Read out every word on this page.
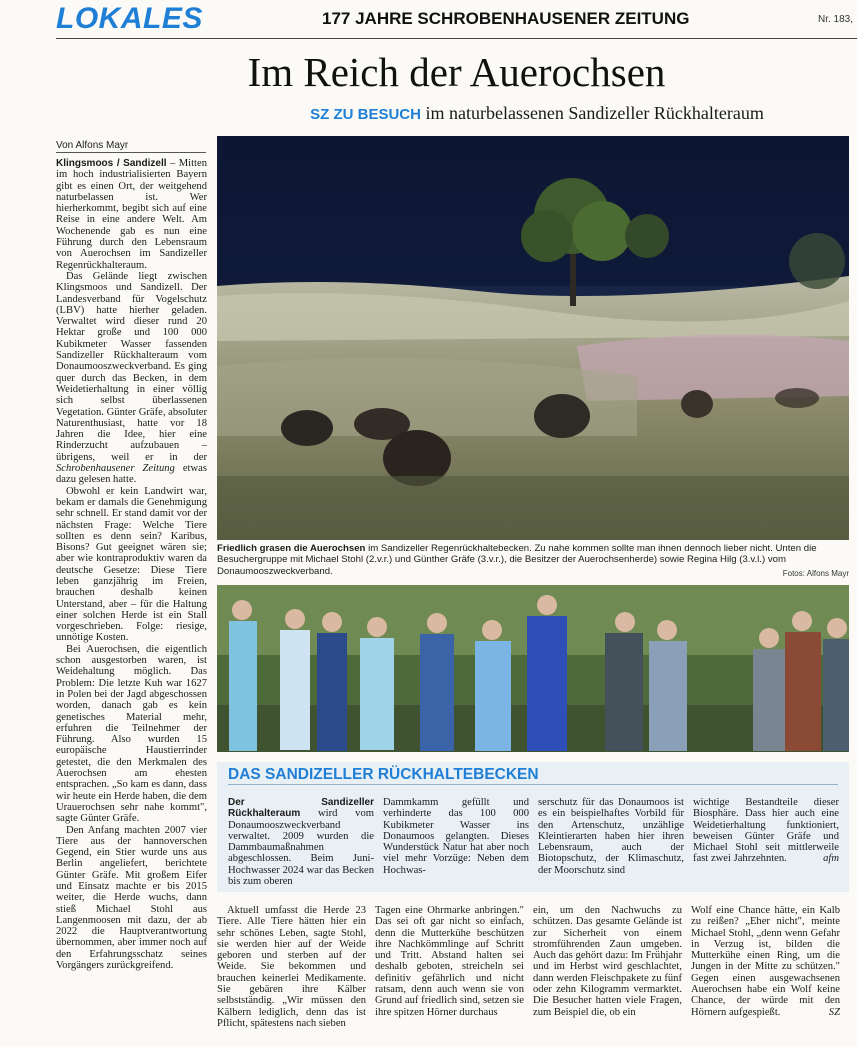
LOKALES	177 JAHRE SCHROBENHAUSENER ZEITUNG	Nr. 183,
Im Reich der Auerochsen
SZ ZU BESUCH im naturbelassenen Sandizeller Rückhalteraum
Von Alfons Mayr

Klingsmoos / Sandizell – Mitten im hoch industrialisierten Bayern gibt es einen Ort, der weitgehend naturbelassen ist. Wer hierherkommt, begibt sich auf eine Reise in eine andere Welt. Am Wochenende gab es nun eine Führung durch den Lebensraum von Auerochsen im Sandizeller Regenrückhalteraum.

Das Gelände liegt zwischen Klingsmoos und Sandizell. Der Landesverband für Vogelschutz (LBV) hatte hierher geladen. Verwaltet wird dieser rund 20 Hektar große und 100 000 Kubikmeter Wasser fassenden Sandizeller Rückhalteraum vom Donaumooszweckverband. Es ging quer durch das Becken, in dem Weidetierhaltung in einer völlig sich selbst überlassenen Vegetation. Günter Gräfe, absoluter Naturenthusiast, hatte vor 18 Jahren die Idee, hier eine Rinderzucht aufzubauen – übrigens, weil er in der Schrobenhausener Zeitung etwas dazu gelesen hatte.

Obwohl er kein Landwirt war, bekam er damals die Genehmigung sehr schnell. Er stand damit vor der nächsten Frage: Welche Tiere sollten es denn sein? Karibus, Bisons? Gut geeignet wären sie; aber wie kontraproduktiv waren da deutsche Gesetze: Diese Tiere leben ganzjährig im Freien, brauchen deshalb keinen Unterstand, aber – für die Haltung einer solchen Herde ist ein Stall vorgeschrieben. Folge: riesige, unnötige Kosten.

Bei Auerochsen, die eigentlich schon ausgestorben waren, ist Weidehaltung möglich. Das Problem: Die letzte Kuh war 1627 in Polen bei der Jagd abgeschossen worden, danach gab es kein genetisches Material mehr, erfuhren die Teilnehmer der Führung. Also wurden 15 europäische Haustierrinder getestet, die den Merkmalen des Auerochsen am ehesten entsprachen. „So kam es dann, dass wir heute ein Herde haben, die dem Urauerochsen sehr nahe kommt", sagte Günter Gräfe.

Den Anfang machten 2007 vier Tiere aus der hannoverschen Gegend, ein Stier wurde uns aus Berlin angeliefert, berichtete Günter Gräfe. Mit großem Eifer und Einsatz machte er bis 2015 weiter, die Herde wuchs, dann stieß Michael Stohl aus Langenmoosen mit dazu, der ab 2022 die Hauptverantwortung übernommen, aber immer noch auf den Erfahrungsschatz seines Vorgängers zurückgreifend.

Friedlich grasen die Auerochsen im Sandizeller Regenrückhaltebecken. Zu nahe kommen sollte man ihnen dennoch lieber nicht. Unten die Besuchergruppe mit Michael Stohl (2.v.r.) und Günther Gräfe (3.v.r.), die Besitzer der Auerochsenherde) sowie Regina Hilg (3.v.l.) vom Donaumooszweckverband.	Fotos: Alfons Mayr
DAS SANDIZELLER RÜCKHALTEBECKEN

Der Sandizeller Rückhalteraum wird vom Donaumooszweckverband verwaltet. 2009 wurden die Dammbaumaßnahmen abgeschlossen. Beim Juni-Hochwasser 2024 war das Becken bis zum oberen

Dammkamm gefüllt und verhinderte das 100 000 Kubikmeter Wasser ins Donaumoos gelangten. Dieses Wunderstück Natur hat aber noch viel mehr Vorzüge: Neben dem Hochwas-

serschutz für das Donaumoos ist es ein beispielhaftes Vorbild für den Artenschutz, unzählige Kleintierarten haben hier ihren Lebensraum, auch der Biotopschutz, der Klimaschutz, der Moorschutz sind

wichtige Bestandteile dieser Biosphäre. Dass hier auch eine Weidetierhaltung funktioniert, beweisen Günter Gräfe und Michael Stohl seit mittlerweile fast zwei Jahrzehnten.	afm

Aktuell umfasst die Herde 23 Tiere. Alle Tiere hätten hier ein sehr schönes Leben, sagte Stohl, sie werden hier auf der Weide geboren und sterben auf der Weide. Sie bekommen und brauchen keinerlei Medikamente. Sie gebären ihre Kälber selbstständig. „Wir müssen den Kälbern lediglich, denn das ist Pflicht, spätestens nach sieben

Tagen eine Ohrmarke anbringen." Das sei oft gar nicht so einfach, denn die Mutterkühe beschützen ihre Nachkömmlinge auf Schritt und Tritt. Abstand halten sei deshalb geboten, streicheln sei definitiv gefährlich und nicht ratsam, denn auch wenn sie von Grund auf friedlich sind, setzen sie ihre spitzen Hörner durchaus

ein, um den Nachwuchs zu schützen. Das gesamte Gelände ist zur Sicherheit von einem stromführenden Zaun umgeben. Auch das gehört dazu: Im Frühjahr und im Herbst wird geschlachtet, dann werden Fleischpakete zu fünf oder zehn Kilogramm vermarktet. Die Besucher hatten viele Fragen, zum Beispiel die, ob ein

Wolf eine Chance hätte, ein Kalb zu reißen? „Eher nicht", meinte Michael Stohl, „denn wenn Gefahr in Verzug ist, bilden die Mutterkühe einen Ring, um die Jungen in der Mitte zu schützen." Gegen einen ausgewachsenen Auerochsen habe ein Wolf keine Chance, der würde mit den Hörnern aufgespießt.	SZ
